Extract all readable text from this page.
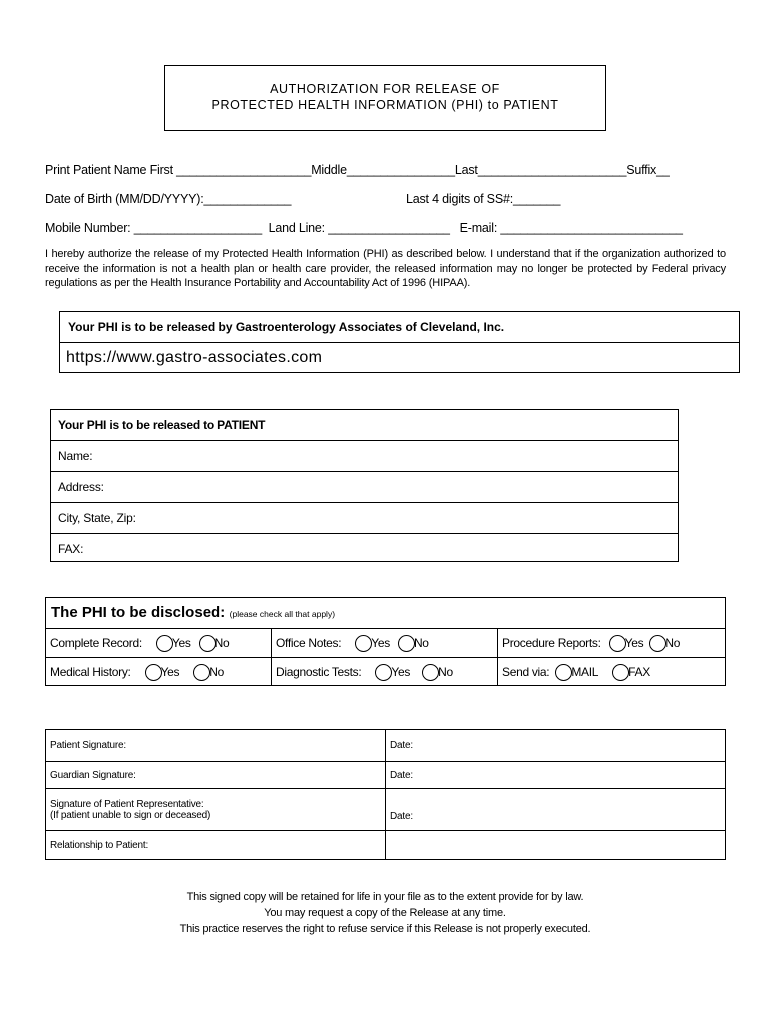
AUTHORIZATION FOR RELEASE OF
PROTECTED HEALTH INFORMATION (PHI) to PATIENT
Print Patient Name First ____________________Middle________________Last______________________Suffix__
Date of Birth (MM/DD/YYYY):_____________	Last 4 digits of SS#:_______
Mobile Number: ___________________ Land Line: __________________ E-mail: ___________________________
I hereby authorize the release of my Protected Health Information (PHI) as described below. I understand that if the organization authorized to receive the information is not a health plan or health care provider, the released information may no longer be protected by Federal privacy regulations as per the Health Insurance Portability and Accountability Act of 1996 (HIPAA).
Your PHI is to be released by Gastroenterology Associates of Cleveland, Inc.
https://www.gastro-associates.com
Your PHI is to be released to PATIENT
Name:
Address:
City, State, Zip:
FAX:
The PHI to be disclosed: (please check all that apply)
Complete Record:	Yes No	Office Notes:	Yes No	Procedure Reports: Yes No
Medical History:	Yes	No	Diagnostic Tests:	Yes No	Send via: MAIL	FAX
Patient Signature:	Date:
Guardian Signature:	Date:
Signature of Patient Representative:
(If patient unable to sign or deceased)	Date:
Relationship to Patient:
This signed copy will be retained for life in your file as to the extent provide for by law.
You may request a copy of the Release at any time.
This practice reserves the right to refuse service if this Release is not properly executed.
